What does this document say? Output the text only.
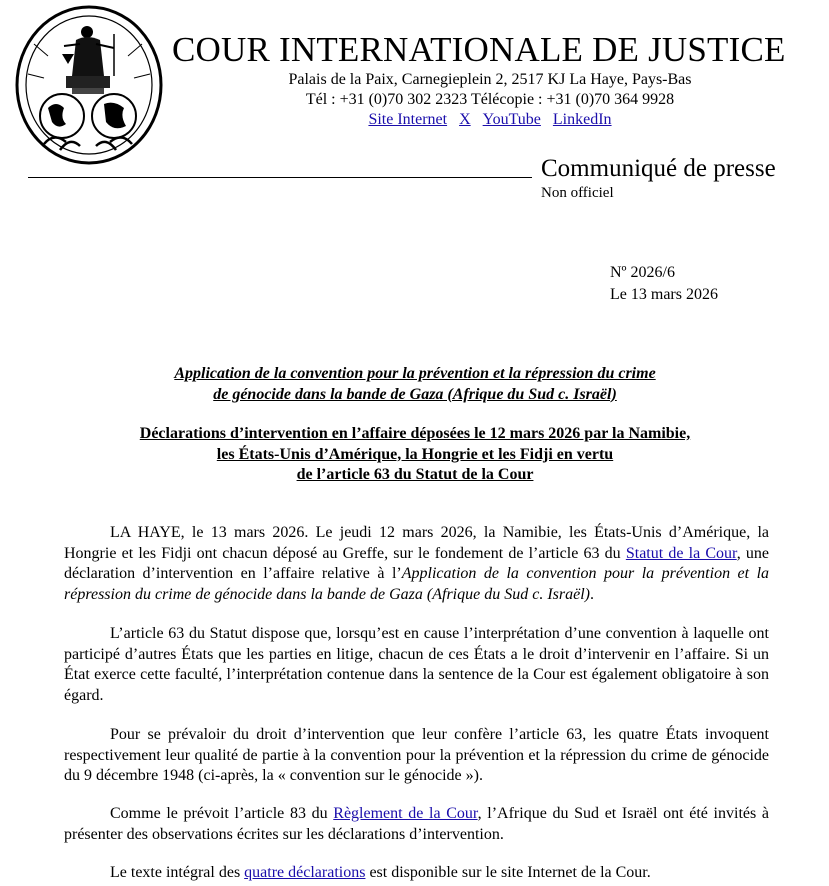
COUR INTERNATIONALE DE JUSTICE
Palais de la Paix, Carnegieplein 2, 2517 KJ La Haye, Pays-Bas
Tél : +31 (0)70 302 2323 Télécopie : +31 (0)70 364 9928
Site Internet X YouTube LinkedIn
Communiqué de presse
Non officiel
Nº 2026/6
Le 13 mars 2026
Application de la convention pour la prévention et la répression du crime
de génocide dans la bande de Gaza (Afrique du Sud c. Israël)
Déclarations d’intervention en l’affaire déposées le 12 mars 2026 par la Namibie,
les États-Unis d’Amérique, la Hongrie et les Fidji en vertu
de l’article 63 du Statut de la Cour

LA HAYE, le 13 mars 2026. Le jeudi 12 mars 2026, la Namibie, les États-Unis d’Amérique, la Hongrie et les Fidji ont chacun déposé au Greffe, sur le fondement de l’article 63 du Statut de la Cour, une déclaration d’intervention en l’affaire relative à l’Application de la convention pour la prévention et la répression du crime de génocide dans la bande de Gaza (Afrique du Sud c. Israël).

L’article 63 du Statut dispose que, lorsqu’est en cause l’interprétation d’une convention à laquelle ont participé d’autres États que les parties en litige, chacun de ces États a le droit d’intervenir en l’affaire. Si un État exerce cette faculté, l’interprétation contenue dans la sentence de la Cour est également obligatoire à son égard.

Pour se prévaloir du droit d’intervention que leur confère l’article 63, les quatre États invoquent respectivement leur qualité de partie à la convention pour la prévention et la répression du crime de génocide du 9 décembre 1948 (ci-après, la « convention sur le génocide »).

Comme le prévoit l’article 83 du Règlement de la Cour, l’Afrique du Sud et Israël ont été invités à présenter des observations écrites sur les déclarations d’intervention.

Le texte intégral des quatre déclarations est disponible sur le site Internet de la Cour.
